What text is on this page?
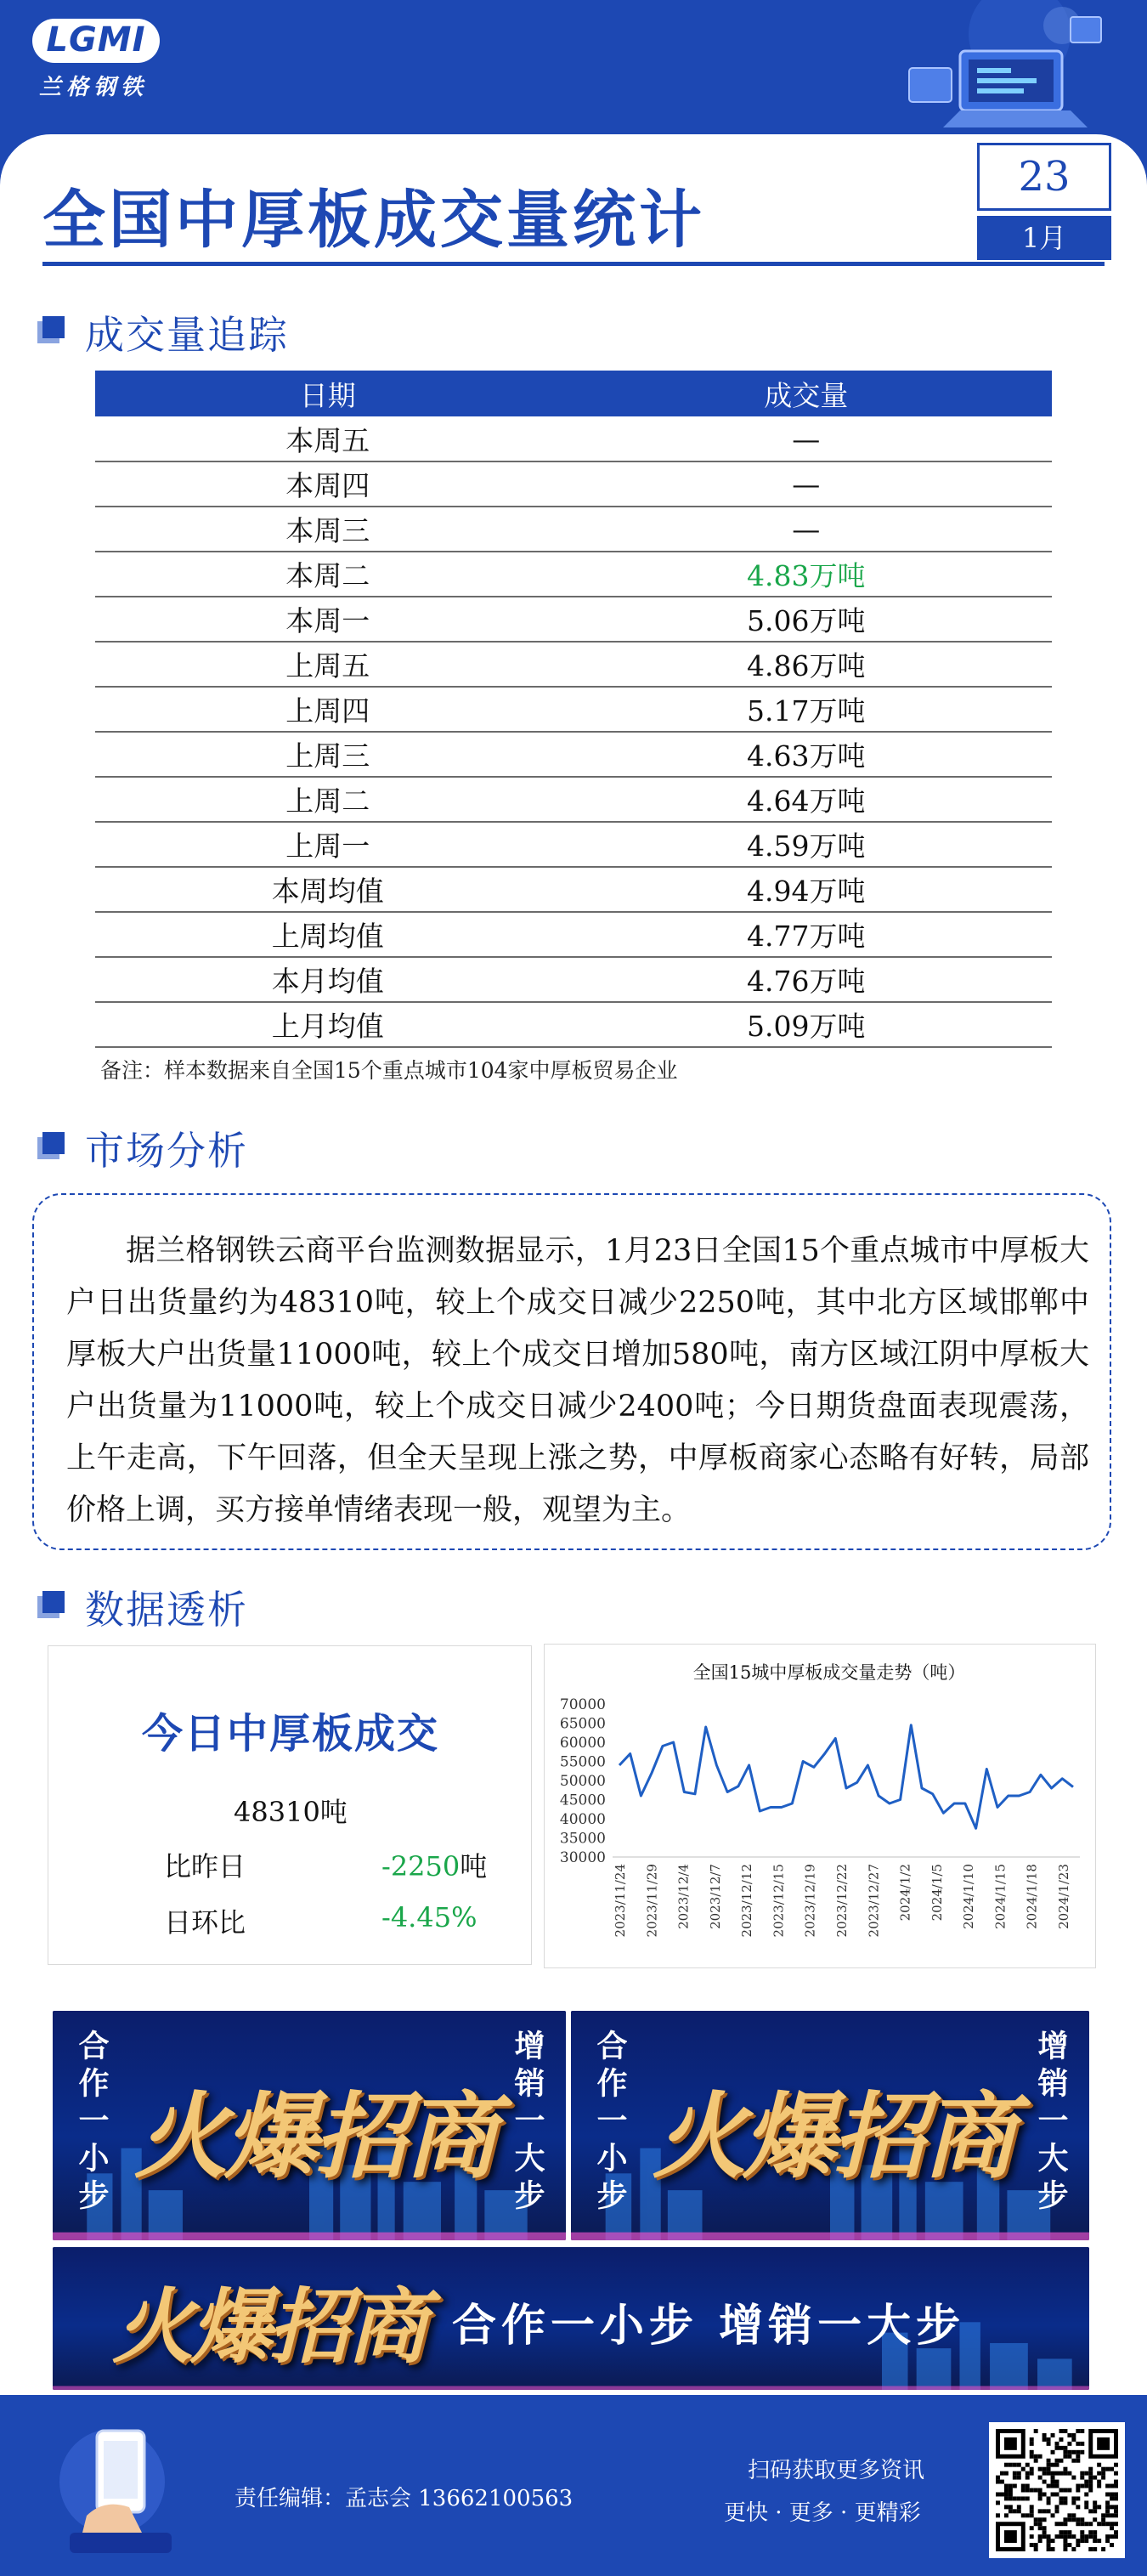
LGMI
兰格钢铁
全国中厚板成交量统计
23
1月
成交量追踪
日期	成交量
本周五	—
本周四	—
本周三	—
本周二	4.83万吨
本周一	5.06万吨
上周五	4.86万吨
上周四	5.17万吨
上周三	4.63万吨
上周二	4.64万吨
上周一	4.59万吨
本周均值	4.94万吨
上周均值	4.77万吨
本月均值	4.76万吨
上月均值	5.09万吨
备注：样本数据来自全国15个重点城市104家中厚板贸易企业
市场分析
据兰格钢铁云商平台监测数据显示，1月23日全国15个重点城市中厚板大户日出货量约为48310吨，较上个成交日减少2250吨，其中北方区域邯郸中厚板大户出货量11000吨，较上个成交日增加580吨，南方区域江阴中厚板大户出货量为11000吨，较上个成交日减少2400吨；今日期货盘面表现震荡，上午走高，下午回落，但全天呈现上涨之势，中厚板商家心态略有好转，局部价格上调，买方接单情绪表现一般，观望为主。
数据透析
今日中厚板成交
48310吨
比昨日	-2250吨
日环比	-4.45%
全国15城中厚板成交量走势（吨）
30000
35000
40000
45000
50000
55000
60000
65000
70000
2023/11/24 2023/11/29 2023/12/4 2023/12/7 2023/12/12 2023/12/15 2023/12/19 2023/12/22 2023/12/27 2024/1/2 2024/1/5 2024/1/10 2024/1/15 2024/1/18 2024/1/23
合作一小步	增销一大步
火爆招商	合作一小步	增销一大步
火爆招商
火爆招商 合作一小步 增销一大步
责任编辑：孟志会 13662100563
扫码获取更多资讯
更快 · 更多 · 更精彩
